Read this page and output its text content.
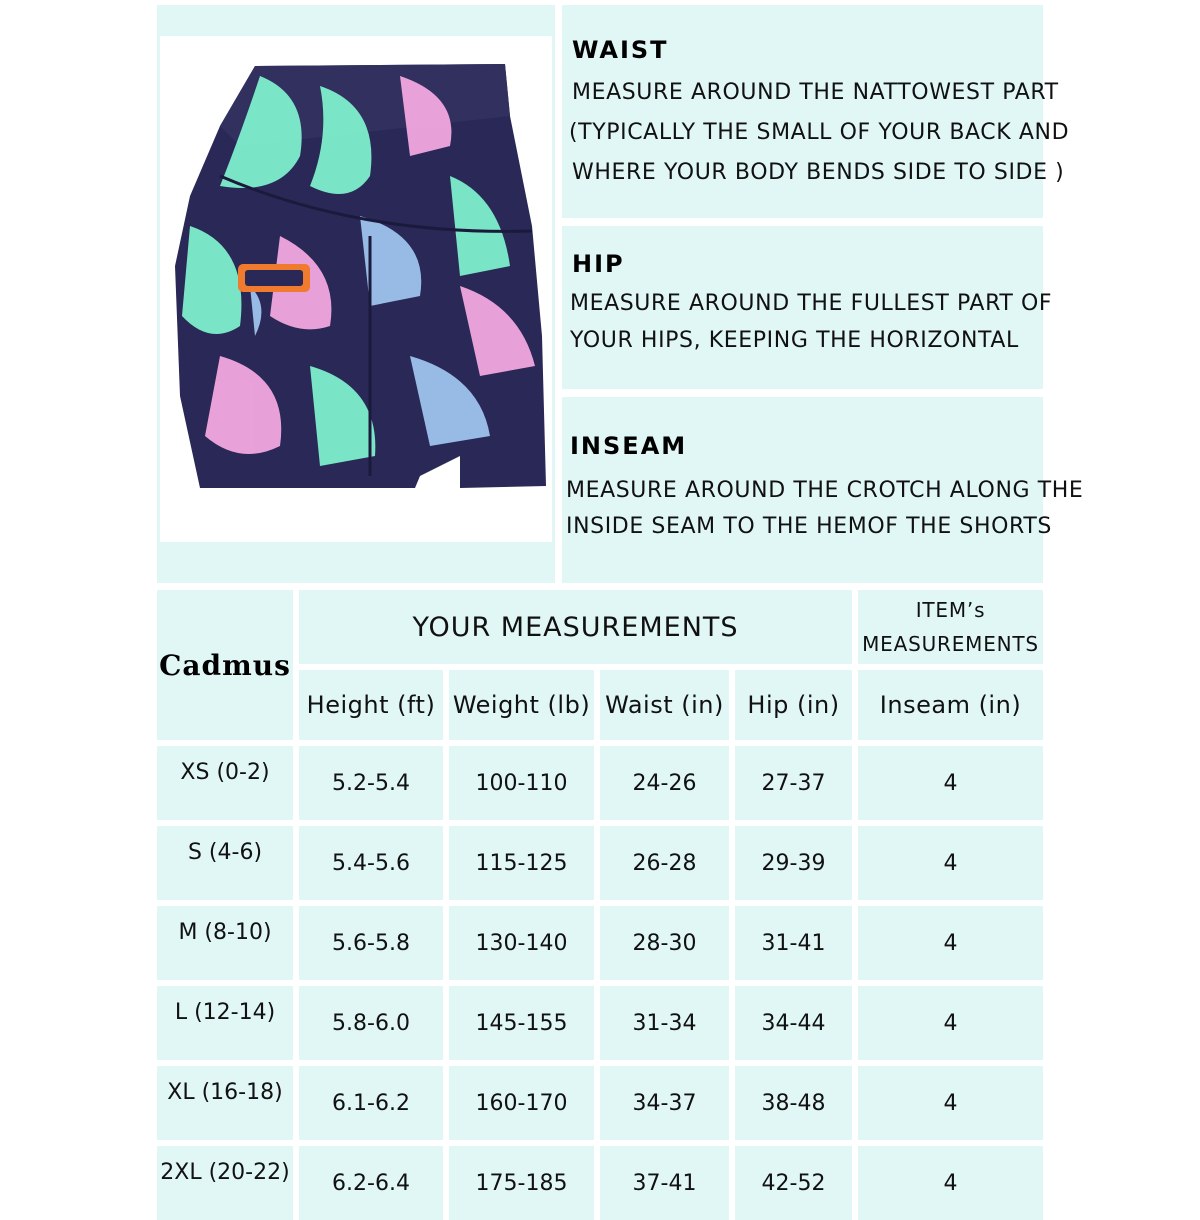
WAIST
MEASURE AROUND THE NATTOWEST PART
(TYPICALLY THE SMALL OF YOUR BACK AND
WHERE YOUR BODY BENDS SIDE TO SIDE )
HIP
MEASURE AROUND THE FULLEST PART OF
YOUR HIPS, KEEPING THE HORIZONTAL
INSEAM
MEASURE AROUND THE CROTCH ALONG THE
INSIDE SEAM TO THE HEMOF THE SHORTS
Cadmus
YOUR MEASUREMENTS
ITEM’s
MEASUREMENTS
Height (ft) Weight (lb) Waist (in) Hip (in)	Inseam (in)
XS (0-2)	5.2-5.4	100-110	24-26	27-37	4
S (4-6)	5.4-5.6	115-125	26-28	29-39	4
M (8-10)	5.6-5.8	130-140	28-30	31-41	4
L (12-14)	5.8-6.0	145-155	31-34	34-44	4
XL (16-18)	6.1-6.2	160-170	34-37	38-48	4
2XL (20-22)	6.2-6.4	175-185	37-41	42-52	4
